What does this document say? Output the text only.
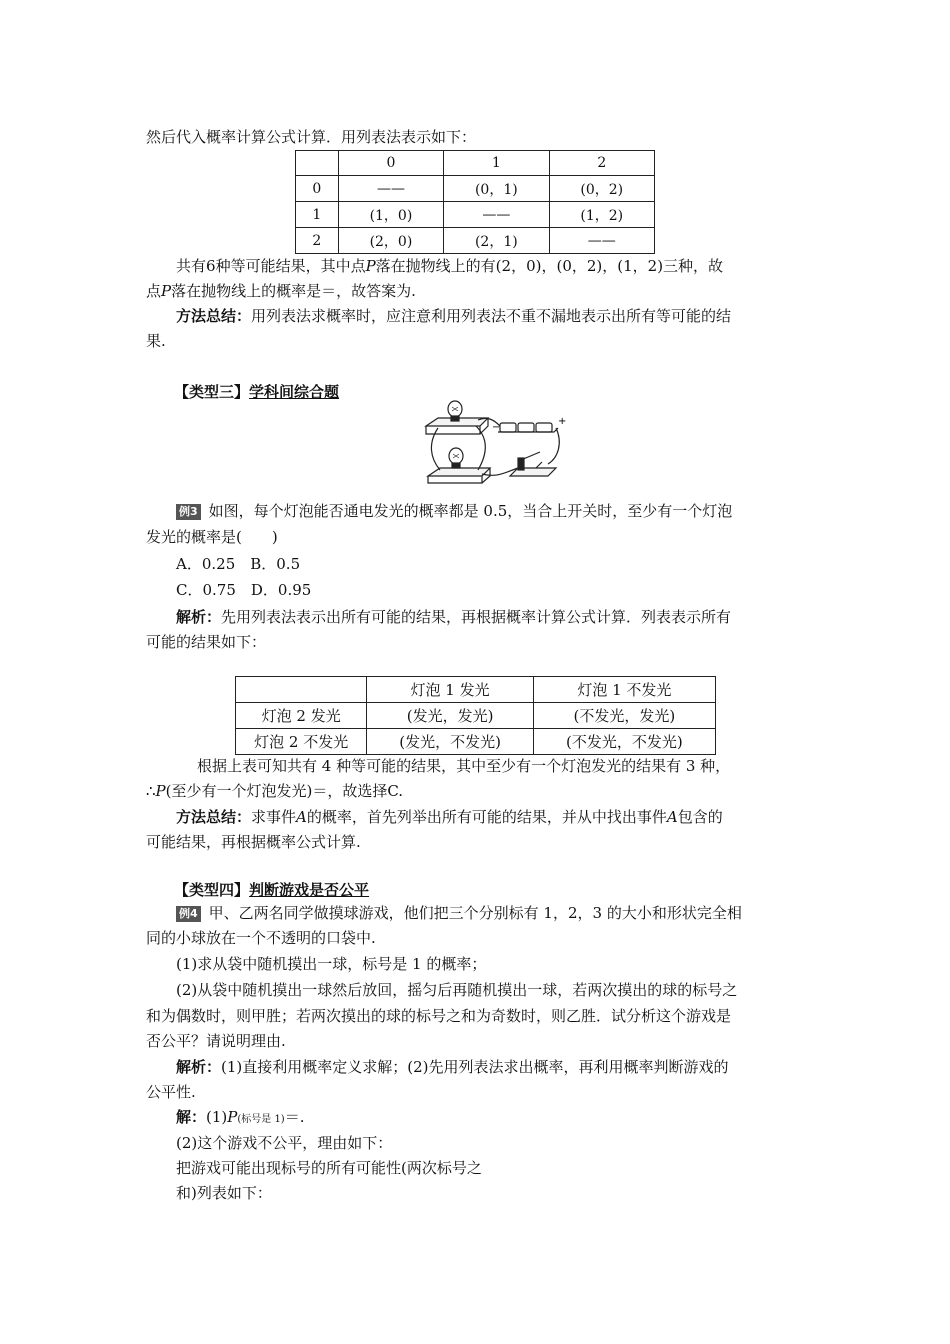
然后代入概率计算公式计算．用列表法表示如下：
	0	1	2
0	——	(0，1)	(0，2)
1	(1，0)	——	(1，2)
2	(2，0)	(2，1)	——
共有6种等可能结果，其中点P落在抛物线上的有(2，0)，(0，2)，(1，2)三种，故
点P落在抛物线上的概率是＝，故答案为.
方法总结：用列表法求概率时，应注意利用列表法不重不漏地表示出所有等可能的结
果.
【类型三】学科间综合题
−
+
例3 如图，每个灯泡能否通电发光的概率都是 0.5，当合上开关时，至少有一个灯泡
发光的概率是(　　)
A．0.25　B．0.5
C．0.75　D．0.95
解析：先用列表法表示出所有可能的结果，再根据概率计算公式计算．列表表示所有
可能的结果如下：
	灯泡 1 发光	灯泡 1 不发光
灯泡 2 发光	(发光，发光)	(不发光，发光)
灯泡 2 不发光	(发光，不发光)	(不发光，不发光)
根据上表可知共有 4 种等可能的结果，其中至少有一个灯泡发光的结果有 3 种，
∴P(至少有一个灯泡发光)＝，故选择C.
方法总结：求事件A的概率，首先列举出所有可能的结果，并从中找出事件A包含的
可能结果，再根据概率公式计算.
【类型四】判断游戏是否公平
例4 甲、乙两名同学做摸球游戏，他们把三个分别标有 1，2，3 的大小和形状完全相
同的小球放在一个不透明的口袋中.
(1)求从袋中随机摸出一球，标号是 1 的概率；
(2)从袋中随机摸出一球然后放回，摇匀后再随机摸出一球，若两次摸出的球的标号之
和为偶数时，则甲胜；若两次摸出的球的标号之和为奇数时，则乙胜．试分析这个游戏是
否公平？请说明理由.
解析：(1)直接利用概率定义求解；(2)先用列表法求出概率，再利用概率判断游戏的
公平性.
解：(1)P(标号是 1)＝.
(2)这个游戏不公平，理由如下：
把游戏可能出现标号的所有可能性(两次标号之
和)列表如下：
